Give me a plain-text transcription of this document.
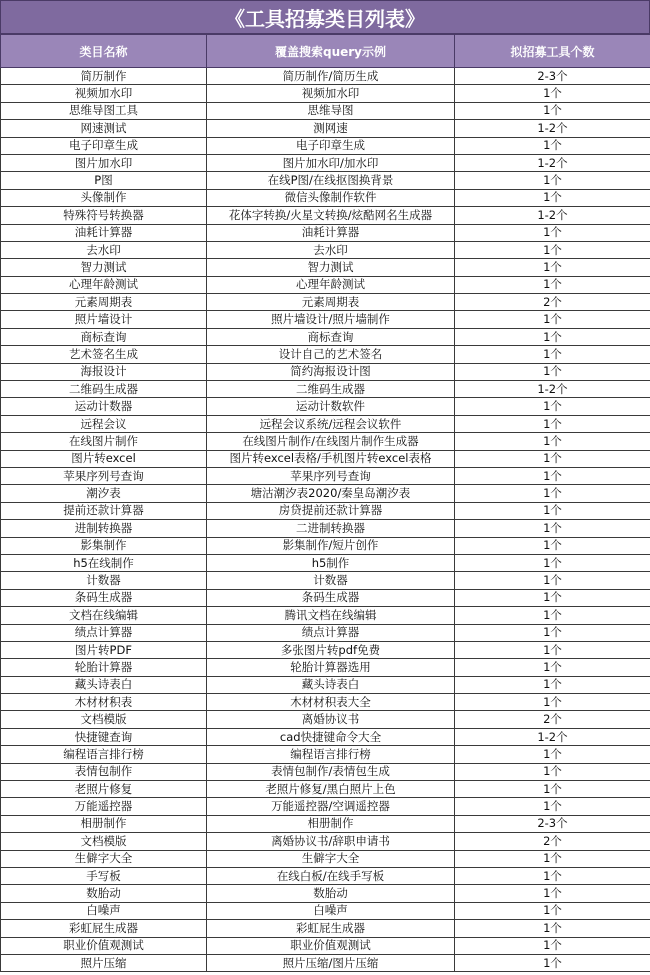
《工具招募类目列表》
类目名称	覆盖搜索query示例	拟招募工具个数
简历制作	简历制作/简历生成	2-3个
视频加水印	视频加水印	1个
思维导图工具	思维导图	1个
网速测试	测网速	1-2个
电子印章生成	电子印章生成	1个
图片加水印	图片加水印/加水印	1-2个
P图	在线P图/在线抠图换背景	1个
头像制作	微信头像制作软件	1个
特殊符号转换器	花体字转换/火星文转换/炫酷网名生成器	1-2个
油耗计算器	油耗计算器	1个
去水印	去水印	1个
智力测试	智力测试	1个
心理年龄测试	心理年龄测试	1个
元素周期表	元素周期表	2个
照片墙设计	照片墙设计/照片墙制作	1个
商标查询	商标查询	1个
艺术签名生成	设计自己的艺术签名	1个
海报设计	简约海报设计图	1个
二维码生成器	二维码生成器	1-2个
运动计数器	运动计数软件	1个
远程会议	远程会议系统/远程会议软件	1个
在线图片制作	在线图片制作/在线图片制作生成器	1个
图片转excel	图片转excel表格/手机图片转excel表格	1个
苹果序列号查询	苹果序列号查询	1个
潮汐表	塘沽潮汐表2020/秦皇岛潮汐表	1个
提前还款计算器	房贷提前还款计算器	1个
进制转换器	二进制转换器	1个
影集制作	影集制作/短片创作	1个
h5在线制作	h5制作	1个
计数器	计数器	1个
条码生成器	条码生成器	1个
文档在线编辑	腾讯文档在线编辑	1个
绩点计算器	绩点计算器	1个
图片转PDF	多张图片转pdf免费	1个
轮胎计算器	轮胎计算器选用	1个
藏头诗表白	藏头诗表白	1个
木材材积表	木材材积表大全	1个
文档模版	离婚协议书	2个
快捷键查询	cad快捷键命令大全	1-2个
编程语言排行榜	编程语言排行榜	1个
表情包制作	表情包制作/表情包生成	1个
老照片修复	老照片修复/黑白照片上色	1个
万能遥控器	万能遥控器/空调遥控器	1个
相册制作	相册制作	2-3个
文档模版	离婚协议书/辞职申请书	2个
生僻字大全	生僻字大全	1个
手写板	在线白板/在线手写板	1个
数胎动	数胎动	1个
白噪声	白噪声	1个
彩虹屁生成器	彩虹屁生成器	1个
职业价值观测试	职业价值观测试	1个
照片压缩	照片压缩/图片压缩	1个
